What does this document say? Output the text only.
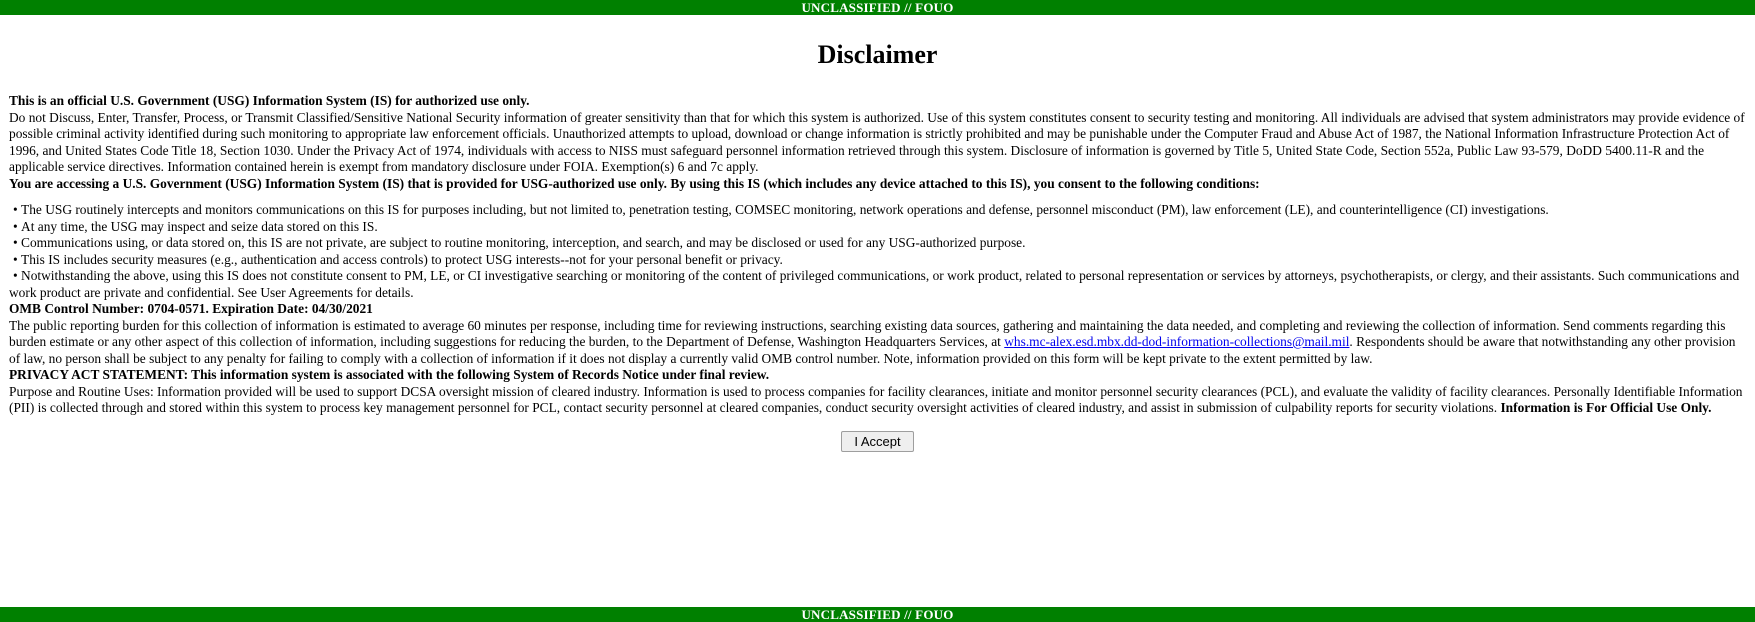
UNCLASSIFIED // FOUO
Disclaimer

This is an official U.S. Government (USG) Information System (IS) for authorized use only.
Do not Discuss, Enter, Transfer, Process, or Transmit Classified/Sensitive National Security information of greater sensitivity than that for which this system is authorized. Use of this system constitutes consent to security testing and monitoring. All individuals are advised that system administrators may provide evidence of possible criminal activity identified during such monitoring to appropriate law enforcement officials. Unauthorized attempts to upload, download or change information is strictly prohibited and may be punishable under the Computer Fraud and Abuse Act of 1987, the National Information Infrastructure Protection Act of 1996, and United States Code Title 18, Section 1030. Under the Privacy Act of 1974, individuals with access to NISS must safeguard personnel information retrieved through this system. Disclosure of information is governed by Title 5, United State Code, Section 552a, Public Law 93-579, DoDD 5400.11-R and the applicable service directives. Information contained herein is exempt from mandatory disclosure under FOIA. Exemption(s) 6 and 7c apply.

You are accessing a U.S. Government (USG) Information System (IS) that is provided for USG-authorized use only. By using this IS (which includes any device attached to this IS), you consent to the following conditions:

• The USG routinely intercepts and monitors communications on this IS for purposes including, but not limited to, penetration testing, COMSEC monitoring, network operations and defense, personnel misconduct (PM), law enforcement (LE), and counterintelligence (CI) investigations.
• At any time, the USG may inspect and seize data stored on this IS.
• Communications using, or data stored on, this IS are not private, are subject to routine monitoring, interception, and search, and may be disclosed or used for any USG-authorized purpose.
• This IS includes security measures (e.g., authentication and access controls) to protect USG interests--not for your personal benefit or privacy.
• Notwithstanding the above, using this IS does not constitute consent to PM, LE, or CI investigative searching or monitoring of the content of privileged communications, or work product, related to personal representation or services by attorneys, psychotherapists, or clergy, and their assistants. Such communications and work product are private and confidential. See User Agreements for details.

OMB Control Number: 0704-0571. Expiration Date: 04/30/2021
The public reporting burden for this collection of information is estimated to average 60 minutes per response, including time for reviewing instructions, searching existing data sources, gathering and maintaining the data needed, and completing and reviewing the collection of information. Send comments regarding this burden estimate or any other aspect of this collection of information, including suggestions for reducing the burden, to the Department of Defense, Washington Headquarters Services, at whs.mc-alex.esd.mbx.dd-dod-information-collections@mail.mil. Respondents should be aware that notwithstanding any other provision of law, no person shall be subject to any penalty for failing to comply with a collection of information if it does not display a currently valid OMB control number. Note, information provided on this form will be kept private to the extent permitted by law.

PRIVACY ACT STATEMENT: This information system is associated with the following System of Records Notice under final review.
Purpose and Routine Uses: Information provided will be used to support DCSA oversight mission of cleared industry. Information is used to process companies for facility clearances, initiate and monitor personnel security clearances (PCL), and evaluate the validity of facility clearances. Personally Identifiable Information (PII) is collected through and stored within this system to process key management personnel for PCL, contact security personnel at cleared companies, conduct security oversight activities of cleared industry, and assist in submission of culpability reports for security violations. Information is For Official Use Only.

I Accept
UNCLASSIFIED // FOUO
